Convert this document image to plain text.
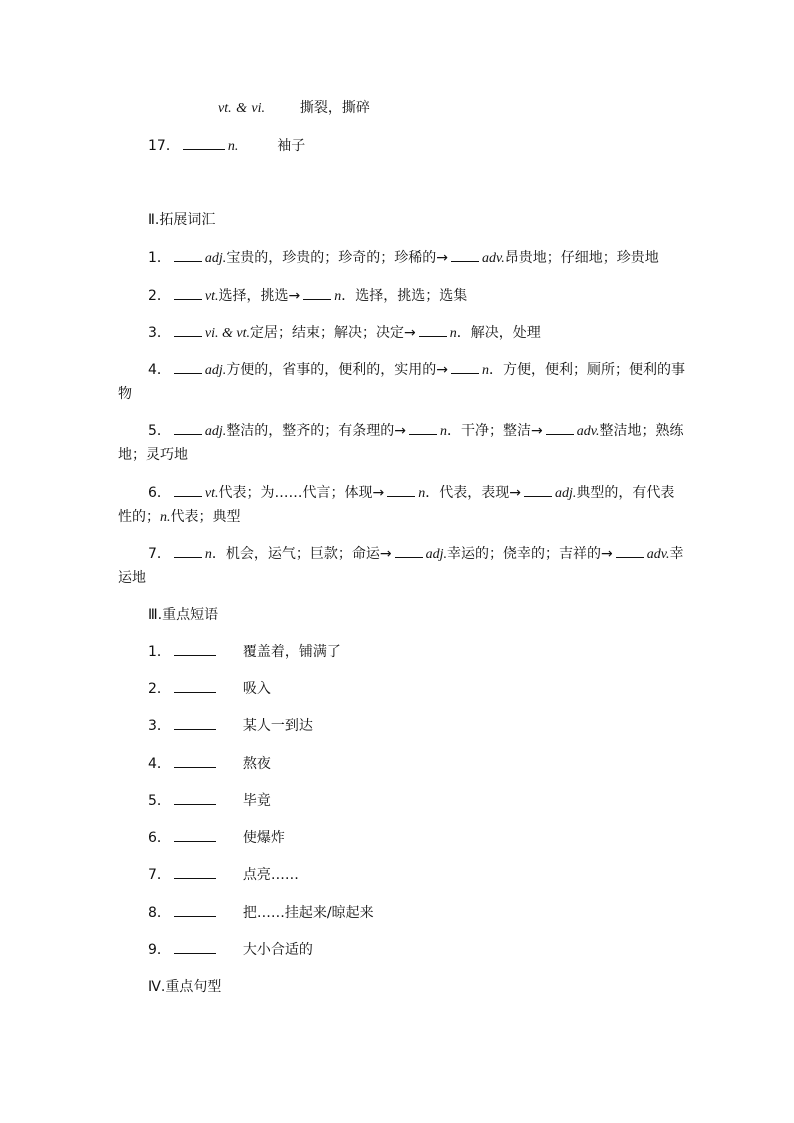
vt. & vi. 撕裂，撕碎
17．	n.	袖子
Ⅱ.拓展词汇
1． adj.宝贵的，珍贵的；珍奇的；珍稀的→ adv.昂贵地；仔细地；珍贵地
2． vt.选择，挑选→ n．选择，挑选；选集
3． vi. & vt.定居；结束；解决；决定→ n．解决，处理
4． adj.方便的，省事的，便利的，实用的→ n．方便，便利；厕所；便利的事
物
5． adj.整洁的，整齐的；有条理的→ n．干净；整洁→ adv.整洁地；熟练
地；灵巧地
6． vt.代表；为……代言；体现→ n．代表，表现→ adj.典型的，有代表
性的；n.代表；典型
7． n．机会，运气；巨款；命运→ adj.幸运的；侥幸的；吉祥的→ adv.幸
运地
Ⅲ.重点短语
1．	覆盖着，铺满了
2．	吸入
3．	某人一到达
4．	熬夜
5．	毕竟
6．	使爆炸
7．	点亮……
8．	把……挂起来/晾起来
9．	大小合适的
Ⅳ.重点句型
